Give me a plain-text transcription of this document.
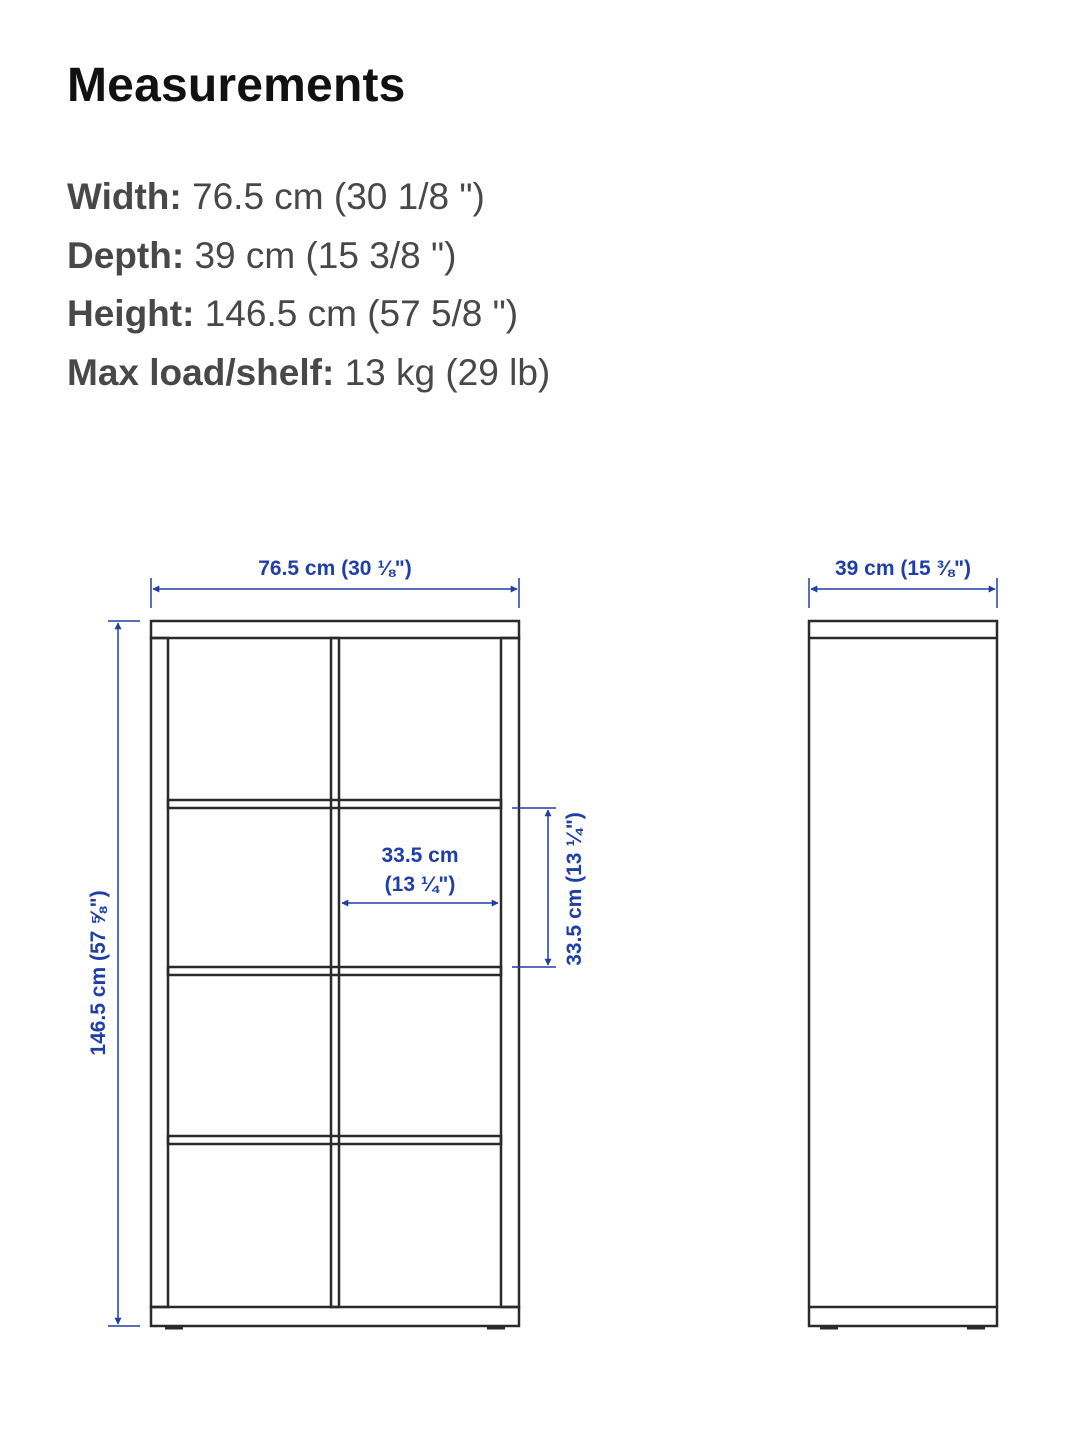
Measurements
Width: 76.5 cm (30 1/8 ")
Depth: 39 cm (15 3/8 ")
Height: 146.5 cm (57 5/8 ")
Max load/shelf: 13 kg (29 lb)
76.5 cm (30 ⅛")
146.5 cm (57 ⅝")
33.5 cm
(13 ¼")	33.5 cm (13 ¼")
39 cm (15 ⅜")
